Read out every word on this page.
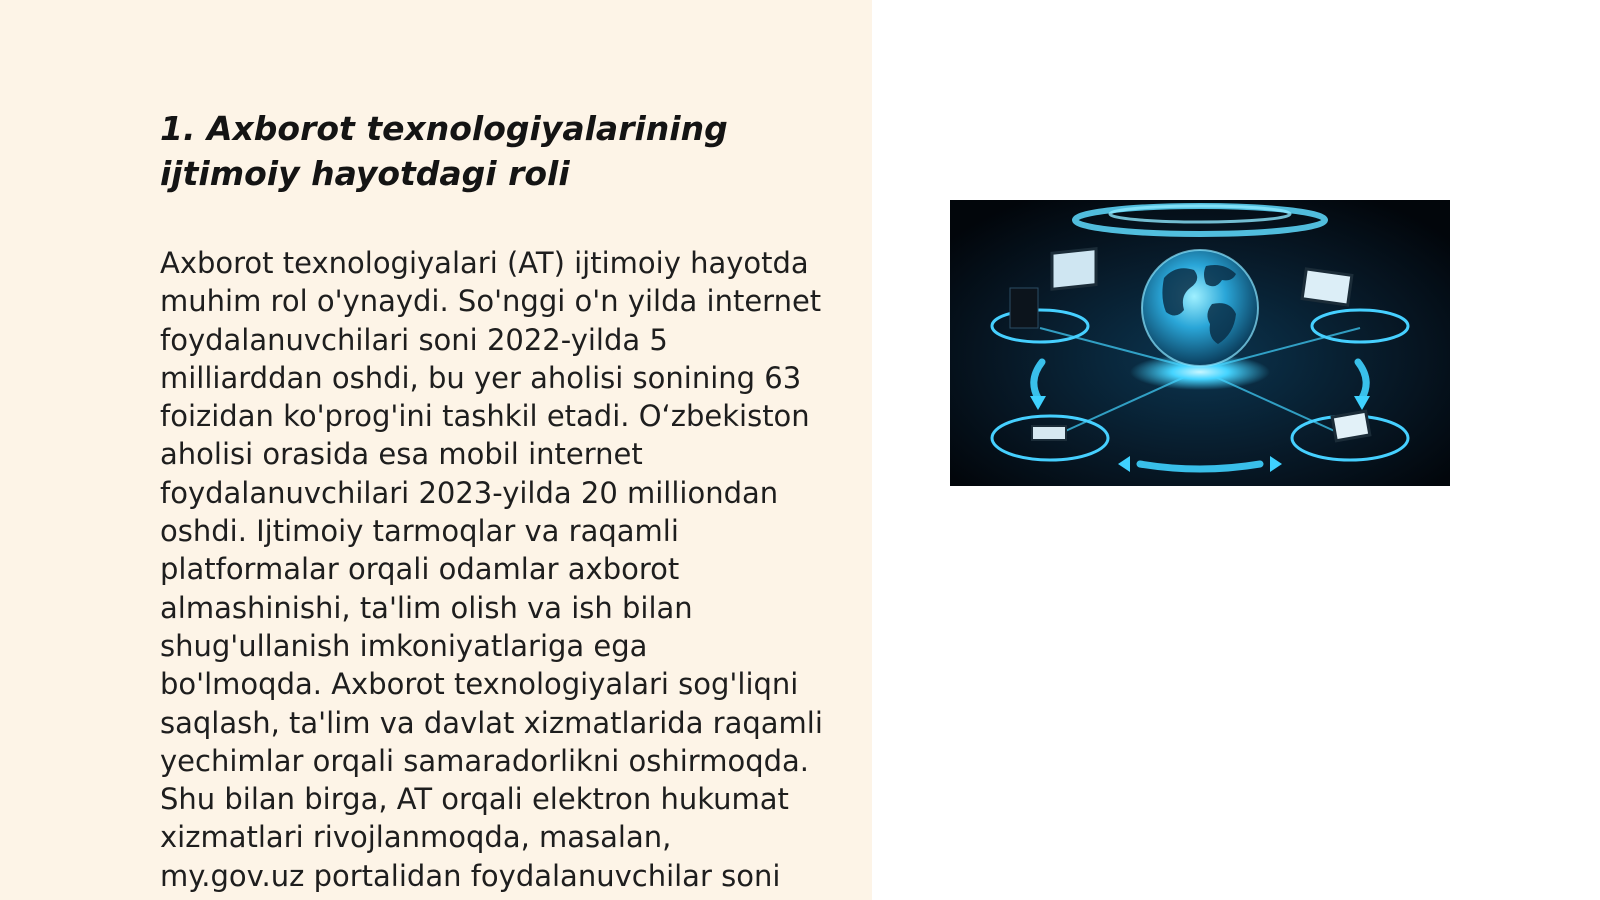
1. Axborot texnologiyalarining ijtimoiy hayotdagi roli

Axborot texnologiyalari (AT) ijtimoiy hayotda
muhim rol o'ynaydi. So'nggi o'n yilda internet
foydalanuvchilari soni 2022-yilda 5
milliarddan oshdi, bu yer aholisi sonining 63
foizidan ko'prog'ini tashkil etadi. O‘zbekiston
aholisi orasida esa mobil internet
foydalanuvchilari 2023-yilda 20 milliondan
oshdi. Ijtimoiy tarmoqlar va raqamli
platformalar orqali odamlar axborot
almashinishi, ta'lim olish va ish bilan
shug'ullanish imkoniyatlariga ega
bo'lmoqda. Axborot texnologiyalari sog'liqni
saqlash, ta'lim va davlat xizmatlarida raqamli
yechimlar orqali samaradorlikni oshirmoqda.
Shu bilan birga, AT orqali elektron hukumat
xizmatlari rivojlanmoqda, masalan,
my.gov.uz portalidan foydalanuvchilar soni
